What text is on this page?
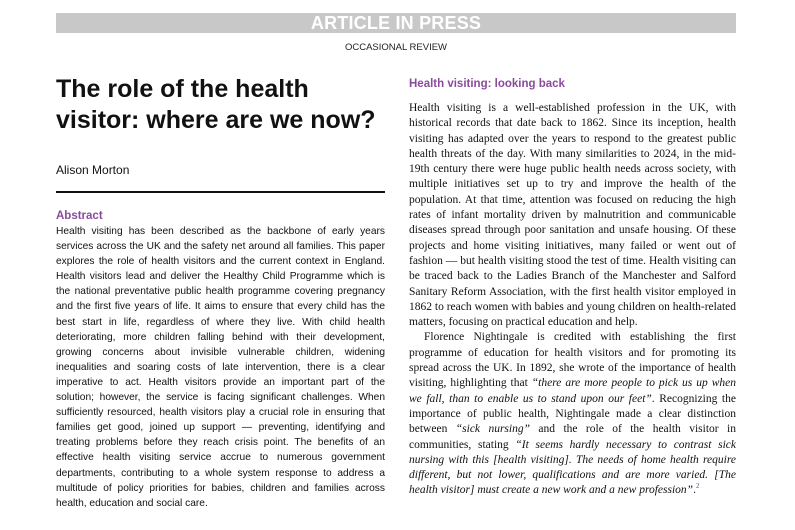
ARTICLE IN PRESS
OCCASIONAL REVIEW
The role of the health visitor: where are we now?
Alison Morton
Abstract

Health visiting has been described as the backbone of early years services across the UK and the safety net around all families. This paper explores the role of health visitors and the current context in England. Health visitors lead and deliver the Healthy Child Programme which is the national preventative public health programme covering pregnancy and the first five years of life. It aims to ensure that every child has the best start in life, regardless of where they live. With child health deteriorating, more children falling behind with their development, growing concerns about invisible vulnerable children, widening inequalities and soaring costs of late intervention, there is a clear imperative to act. Health visitors provide an important part of the solution; however, the service is facing significant challenges. When sufficiently resourced, health visitors play a crucial role in ensuring that families get good, joined up support — preventing, identifying and treating problems before they reach crisis point. The benefits of an effective health visiting service accrue to numerous government departments, contributing to a whole system response to address a multitude of policy priorities for babies, children and families across health, education and social care.

Health visiting: looking back

Health visiting is a well-established profession in the UK, with historical records that date back to 1862. Since its inception, health visiting has adapted over the years to respond to the greatest public health threats of the day. With many similarities to 2024, in the mid-19th century there were huge public health needs across society, with multiple initiatives set up to try and improve the health of the population. At that time, attention was focused on reducing the high rates of infant mortality driven by malnutrition and communicable diseases spread through poor sanitation and unsafe housing. Of these projects and home visiting initiatives, many failed or went out of fashion — but health visiting stood the test of time. Health visiting can be traced back to the Ladies Branch of the Manchester and Salford Sanitary Reform Association, with the first health visitor employed in 1862 to reach women with babies and young children on health-related matters, focusing on practical education and help.

Florence Nightingale is credited with establishing the first programme of education for health visitors and for promoting its spread across the UK. In 1892, she wrote of the importance of health visiting, highlighting that “there are more people to pick us up when we fall, than to enable us to stand upon our feet”. Recognizing the importance of public health, Nightingale made a clear distinction between “sick nursing” and the role of the health visitor in communities, stating “It seems hardly necessary to contrast sick nursing with this [health visiting]. The needs of home health require different, but not lower, qualifications and are more varied. [The health visitor] must create a new work and a new profession”.$^2$
